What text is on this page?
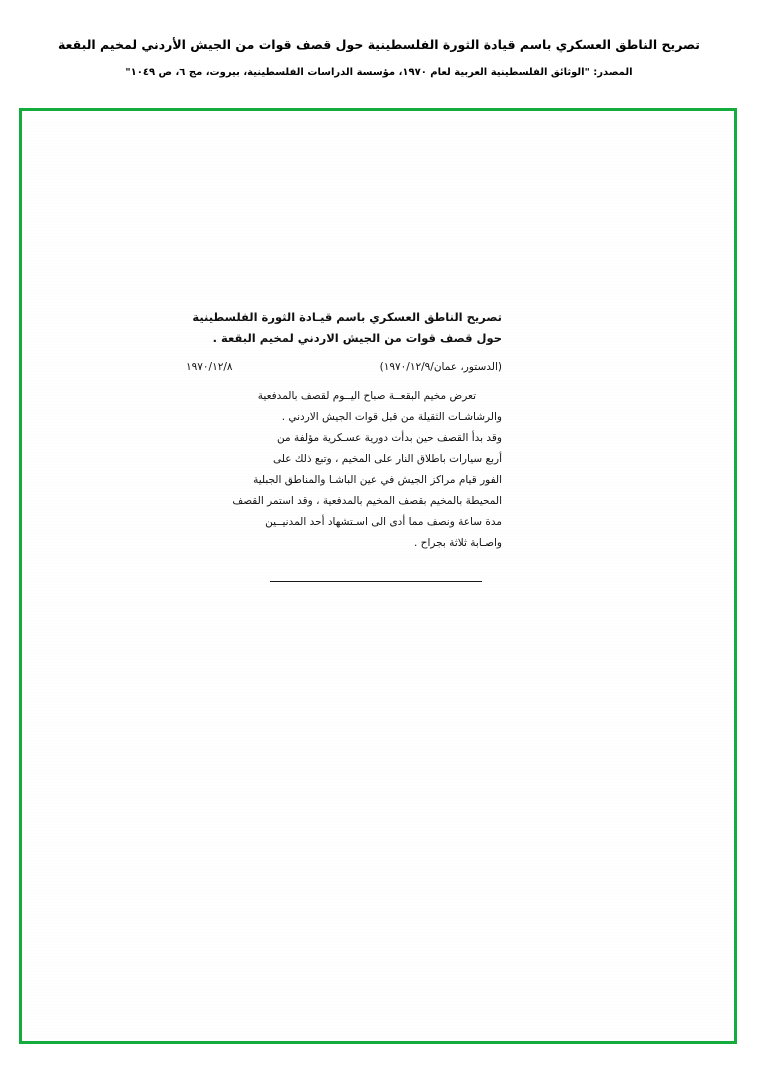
تصريح الناطق العسكري باسم قيادة الثورة الفلسطينية حول قصف قوات من الجيش الأردني لمخيم البقعة
المصدر: "الوثائق الفلسطينية العربية لعام ١٩٧٠، مؤسسة الدراسات الفلسطينية، بيروت، مج ٦، ص ١٠٤٩"
تصريح الناطق العسكري باسم قيـادة الثورة الفلسطينية
حول قصف قوات من الجيش الاردني لمخيم البقعة .
(الدستور، عمان/١٩٧٠/١٢/٩)
١٩٧٠/١٢/٨
تعرض مخيم البقعــة صباح اليــوم لقصف بالمدفعية
والرشاشـات الثقيلة من قبل قوات الجيش الاردني .
وقد بدأ القصف حين بدأت دورية عسـكرية مؤلفة من
أربع سيارات باطلاق النار على المخيم ، وتبع ذلك على
الفور قيام مراكز الجيش في عين الباشـا والمناطق الجبلية
المحيطة بالمخيم بقصف المخيم بالمدفعية ، وقد استمر القصف
مدة ساعة ونصف مما أدى الى اسـتشهاد أحد المدنيــين
واصـابة ثلاثة بجراح .
